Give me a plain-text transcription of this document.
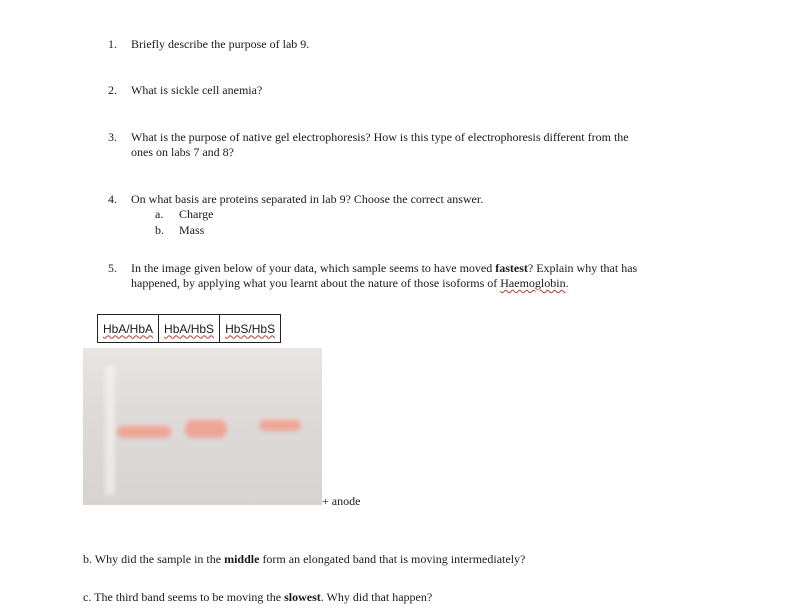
1.	Briefly describe the purpose of lab 9.
2.	What is sickle cell anemia?
3.	What is the purpose of native gel electrophoresis? How is this type of electrophoresis different from the
ones on labs 7 and 8?
4.	On what basis are proteins separated in lab 9? Choose the correct answer.
a. Charge
b. Mass
5.	In the image given below of your data, which sample seems to have moved fastest? Explain why that has
happened, by applying what you learnt about the nature of those isoforms of Haemoglobin.
HbA/HbA	HbA/HbS	HbS/HbS
+ anode
b. Why did the sample in the middle form an elongated band that is moving intermediately?
c. The third band seems to be moving the slowest. Why did that happen?
